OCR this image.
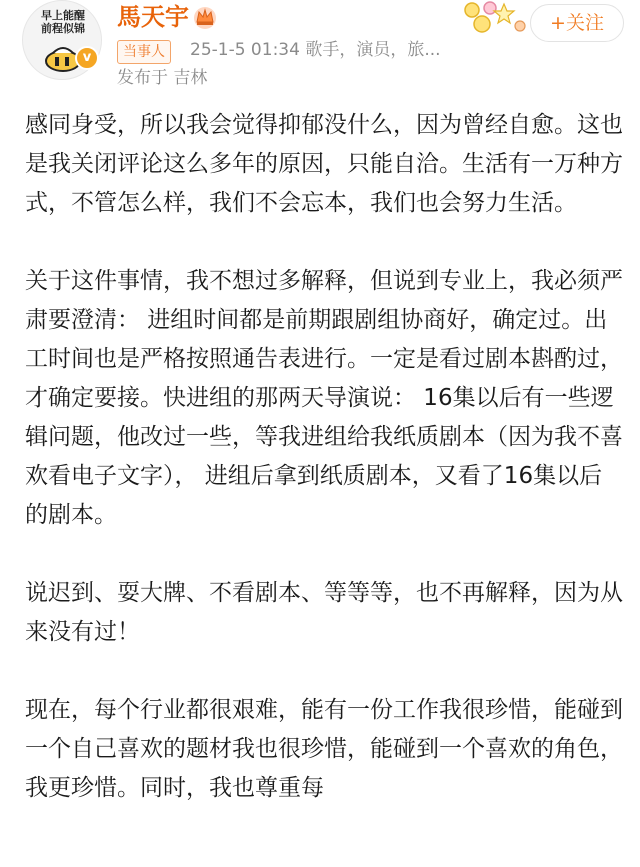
早上能醒
前程似锦
v
馬天宇	+关注
当事人	25-1-5 01:34 歌手，演员，旅...
发布于 吉林

感同身受，所以我会觉得抑郁没什么，因为曾经自愈。这也是我关闭评论这么多年的原因，只能自洽。生活有一万种方式，不管怎么样，我们不会忘本，我们也会努力生活。

关于这件事情，我不想过多解释，但说到专业上，我必须严肃要澄清： 进组时间都是前期跟剧组协商好，确定过。出工时间也是严格按照通告表进行。一定是看过剧本斟酌过，才确定要接。快进组的那两天导演说： 16集以后有一些逻辑问题，他改过一些，等我进组给我纸质剧本（因为我不喜欢看电子文字）， 进组后拿到纸质剧本，又看了16集以后的剧本。

说迟到、耍大牌、不看剧本、等等等，也不再解释，因为从来没有过！

现在，每个行业都很艰难，能有一份工作我很珍惜，能碰到一个自己喜欢的题材我也很珍惜，能碰到一个喜欢的角色，我更珍惜。同时，我也尊重每
